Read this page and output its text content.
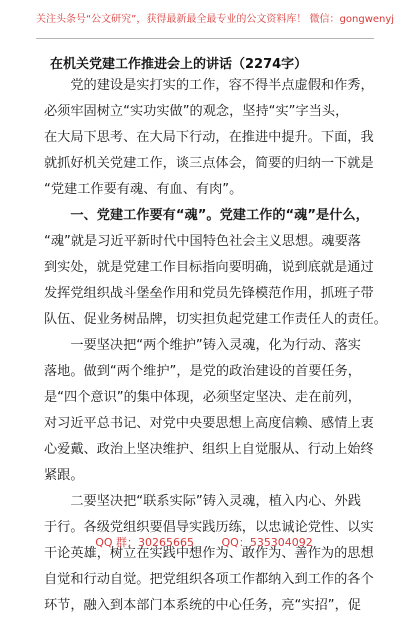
关注头条号“公文研究”，获得最新最全最专业的公文资料库！ 微信：gongwenyj
在机关党建工作推进会上的讲话（2274字）
　　党的建设是实打实的工作，容不得半点虚假和作秀，
必须牢固树立“实功实做”的观念，坚持“实”字当头，
在大局下思考、在大局下行动，在推进中提升。下面，我
就抓好机关党建工作，谈三点体会，简要的归纳一下就是
“党建工作要有魂、有血、有肉”。
　　一、党建工作要有“魂”。党建工作的“魂”是什么，
“魂”就是习近平新时代中国特色社会主义思想。魂要落
到实处，就是党建工作目标指向要明确，说到底就是通过
发挥党组织战斗堡垒作用和党员先锋模范作用，抓班子带
队伍、促业务树品牌，切实担负起党建工作责任人的责任。
　　一要坚决把“两个维护”铸入灵魂，化为行动、落实
落地。做到“两个维护”，是党的政治建设的首要任务，
是“四个意识”的集中体现，必须坚定坚决、走在前列，
对习近平总书记、对党中央要思想上高度信赖、感情上衷
心爱戴、政治上坚决维护、组织上自觉服从、行动上始终
紧跟。
　　二要坚决把“联系实际”铸入灵魂，植入内心、外践
于行。各级党组织要倡导实践历练，以忠诚论党性、以实
干论英雄，树立在实践中想作为、敢作为、善作为的思想
自觉和行动自觉。把党组织各项工作都纳入到工作的各个
环节，融入到本部门本系统的中心任务，亮“实招”，促
QQ 群：30265665	QQ：535304092
